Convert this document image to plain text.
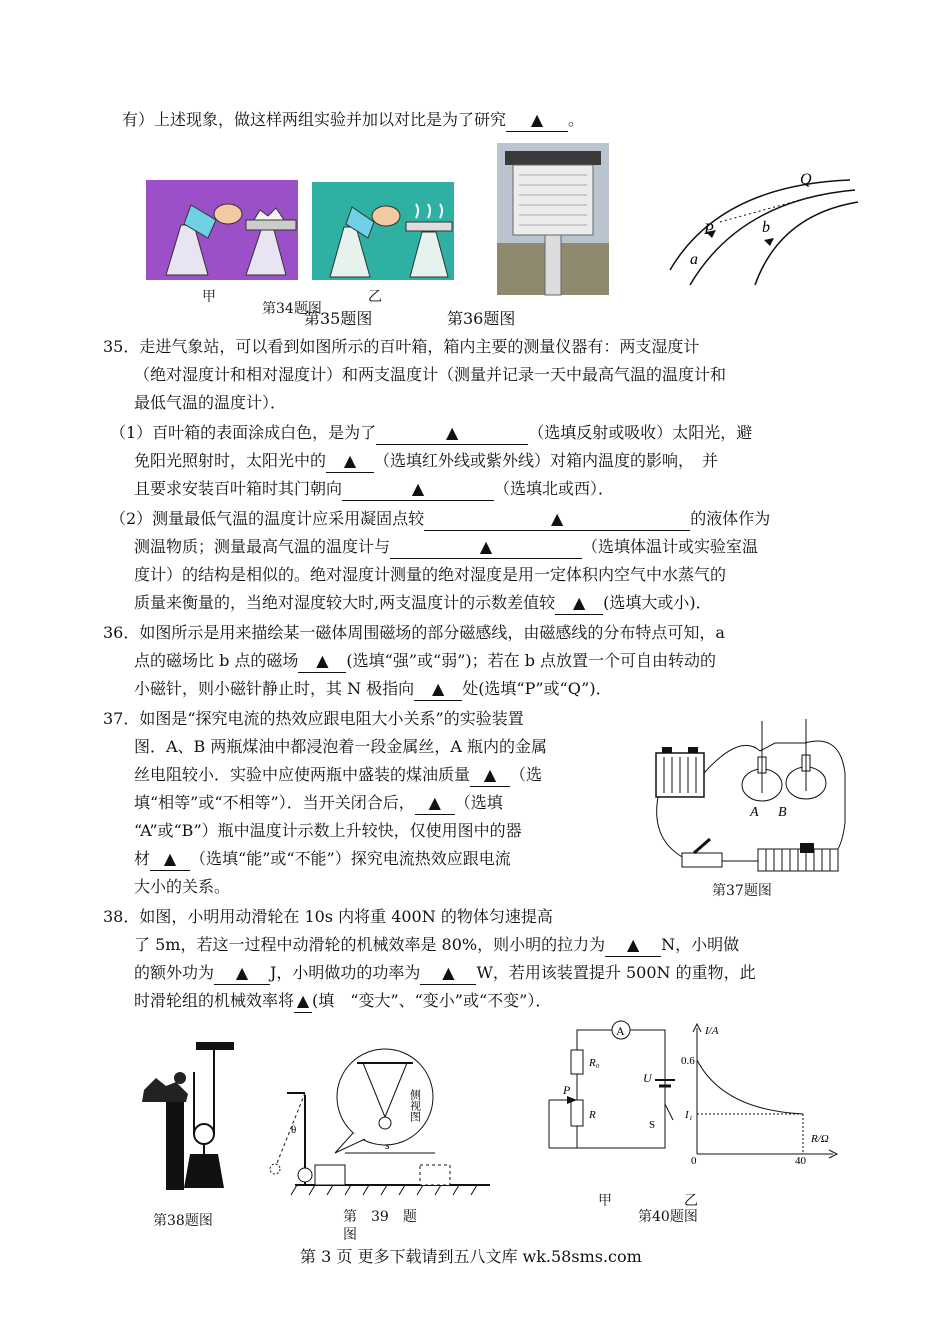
有）上述现象，做这样两组实验并加以对比是为了研究 ▲ 。
甲	乙
第34题图
第35题图	第36题图
Q
P
a
b
35．走进气象站，可以看到如图所示的百叶箱，箱内主要的测量仪器有：两支湿度计
（绝对湿度计和相对湿度计）和两支温度计（测量并记录一天中最高气温的温度计和
最低气温的温度计）．
（1）百叶箱的表面涂成白色，是为了	▲	（选填反射或吸收）太阳光，避
免阳光照射时，太阳光中的 ▲ （选填红外线或紫外线）对箱内温度的影响，　并
且要求安装百叶箱时其门朝向	▲	（选填北或西）．
（2）测量最低气温的温度计应采用凝固点较	▲	的液体作为
测温物质；测量最高气温的温度计与	▲	（选填体温计或实验室温
度计）的结构是相似的。绝对湿度计测量的绝对湿度是用一定体积内空气中水蒸气的
质量来衡量的，当绝对湿度较大时,两支温度计的示数差值较 ▲ (选填大或小)．
36．如图所示是用来描绘某一磁体周围磁场的部分磁感线，由磁感线的分布特点可知，a
点的磁场比 b 点的磁场 ▲ (选填“强”或“弱”)；若在 b 点放置一个可自由转动的
小磁针，则小磁针静止时，其 N 极指向 ▲ 处(选填“P”或“Q”)．
37．如图是“探究电流的热效应跟电阻大小关系”的实验装置
图．A、B 两瓶煤油中都浸泡着一段金属丝，A 瓶内的金属
丝电阻较小．实验中应使两瓶中盛装的煤油质量 ▲ （选
填“相等”或“不相等”）．当开关闭合后， ▲ （选填
“A”或“B”）瓶中温度计示数上升较快，仅使用图中的器
材 ▲ （选填“能”或“不能”）探究电流热效应跟电流
大小的关系。
A B
第37题图
38．如图，小明用动滑轮在 10s 内将重 400N 的物体匀速提高
了 5m，若这一过程中动滑轮的机械效率是 80%，则小明的拉力为 ▲ N，小明做
的额外功为 ▲ J，小明做功的功率为 ▲ W，若用该装置提升 500N 的重物，此
时滑轮组的机械效率将 ▲ (填　“变大”、“变小”或“不变”）．
第38题图
θ
侧视图
第　39　题
图
A
R₀
R
P
U
S
I/A
0.6
I₁
0	40
R/Ω
甲	乙
第40题图
第 3 页 更多下载请到五八文库 wk.58sms.com
